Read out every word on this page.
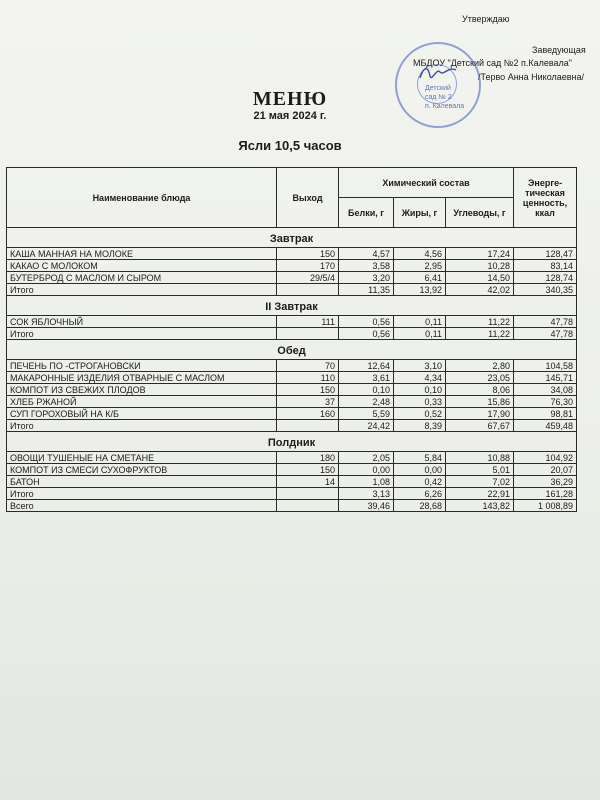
Утверждаю
Заведующая
МБДОУ "Детский сад №2 п.Калевала"
/Терво Анна Николаевна/
Детский
сад № 2
п. Калевала
МЕНЮ
21 мая 2024 г.
Ясли 10,5 часов
Наименование блюда	Выход	Химический состав			Энерге-тическая ценность, ккал
		Белки, г	Жиры, г	Углеводы, г	
Завтрак					
КАША МАННАЯ НА МОЛОКЕ	150	4,57	4,56	17,24	128,47
КАКАО С МОЛОКОМ	170	3,58	2,95	10,28	83,14
БУТЕРБРОД С МАСЛОМ И СЫРОМ	29/5/4	3,20	6,41	14,50	128,74
Итого		11,35	13,92	42,02	340,35
II Завтрак					
СОК ЯБЛОЧНЫЙ	111	0,56	0,11	11,22	47,78
Итого		0,56	0,11	11,22	47,78
Обед					
ПЕЧЕНЬ ПО -СТРОГАНОВСКИ	70	12,64	3,10	2,80	104,58
МАКАРОННЫЕ ИЗДЕЛИЯ ОТВАРНЫЕ С МАСЛОМ	110	3,61	4,34	23,05	145,71
КОМПОТ ИЗ СВЕЖИХ ПЛОДОВ	150	0,10	0,10	8,06	34,08
ХЛЕБ РЖАНОЙ	37	2,48	0,33	15,86	76,30
СУП ГОРОХОВЫЙ НА К/Б	160	5,59	0,52	17,90	98,81
Итого		24,42	8,39	67,67	459,48
Полдник					
ОВОЩИ ТУШЕНЫЕ НА СМЕТАНЕ	180	2,05	5,84	10,88	104,92
КОМПОТ ИЗ СМЕСИ СУХОФРУКТОВ	150	0,00	0,00	5,01	20,07
БАТОН	14	1,08	0,42	7,02	36,29
Итого		3,13	6,26	22,91	161,28
Всего		39,46	28,68	143,82	1 008,89
